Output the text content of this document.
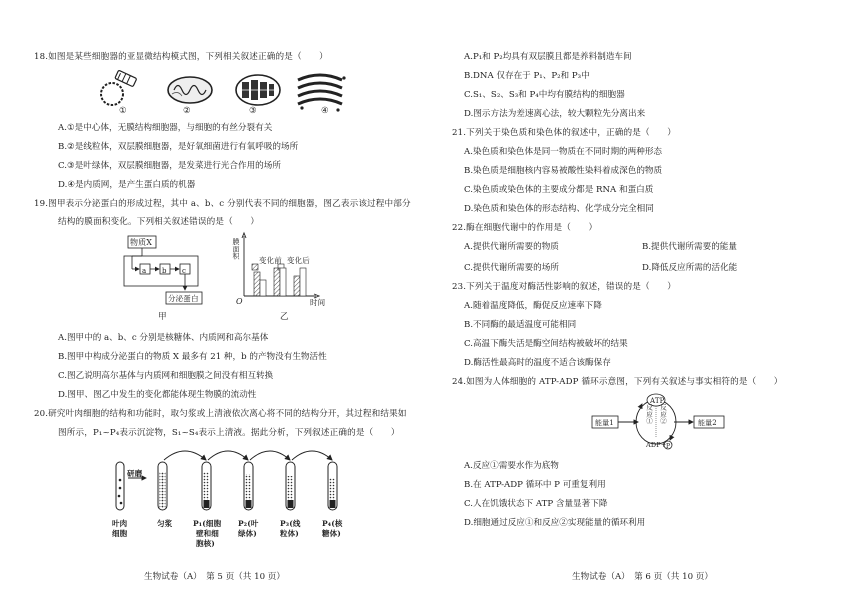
18.如图是某些细胞器的亚显微结构模式图，下列相关叙述正确的是（　　）
①	②	③	④
A.①是中心体，无膜结构细胞器，与细胞的有丝分裂有关
B.②是线粒体，双层膜细胞器，是好氧细菌进行有氧呼吸的场所
C.③是叶绿体，双层膜细胞器，是发菜进行光合作用的场所
D.④是内质网，是产生蛋白质的机器
19.图甲表示分泌蛋白的形成过程，其中 a、b、c 分别代表不同的细胞器，图乙表示该过程中部分
结构的膜面积变化。下列相关叙述错误的是（　　）
物质X
a b c
分泌蛋白
甲
膜面积
变化前 变化后
O	时间
乙
A.图甲中的 a、b、c 分别是核糖体、内质网和高尔基体
B.图甲中构成分泌蛋白的物质 X 最多有 21 种，b 的产物没有生物活性
C.图乙说明高尔基体与内质网和细胞膜之间没有相互转换
D.图甲、图乙中发生的变化都能体现生物膜的流动性
20.研究叶肉细胞的结构和功能时，取匀浆或上清液依次离心将不同的结构分开，其过程和结果如
图所示，P₁~P₄表示沉淀物，S₁~S₄表示上清液。据此分析，下列叙述正确的是（　　）
研磨
叶肉
细胞
匀浆	P₁(细胞
壁和细
胞核)
P₂(叶
绿体)
P₃(线
粒体)
P₄(核
糖体)
生物试卷（A）　第 5 页（共 10 页）
A.P₁和 P₂均具有双层膜且都是养料制造车间
B.DNA 仅存在于 P₁、P₂和 P₃中
C.S₁、S₂、S₃和 P₄中均有膜结构的细胞器
D.图示方法为差速离心法，较大颗粒先分离出来
21.下列关于染色质和染色体的叙述中，正确的是（　　）
A.染色质和染色体是同一物质在不同时期的两种形态
B.染色质是细胞核内容易被酸性染料着成深色的物质
C.染色质或染色体的主要成分都是 RNA 和蛋白质
D.染色质和染色体的形态结构、化学成分完全相同
22.酶在细胞代谢中的作用是（　　）
A.提供代谢所需要的物质	B.提供代谢所需要的能量
C.提供代谢所需要的场所	D.降低反应所需的活化能
23.下列关于温度对酶活性影响的叙述，错误的是（　　）
A.随着温度降低，酶促反应速率下降
B.不同酶的最适温度可能相同
C.高温下酶失活是酶空间结构被破坏的结果
D.酶活性最高时的温度不适合该酶保存
24.如图为人体细胞的 ATP-ADP 循环示意图，下列有关叙述与事实相符的是（　　）
ATP
能量1	能量2
反应① 反应②
ADP+ P
A.反应①需要水作为底物
B.在 ATP-ADP 循环中 P 可重复利用
C.人在饥饿状态下 ATP 含量显著下降
D.细胞通过反应①和反应②实现能量的循环利用
生物试卷（A）　第 6 页（共 10 页）
